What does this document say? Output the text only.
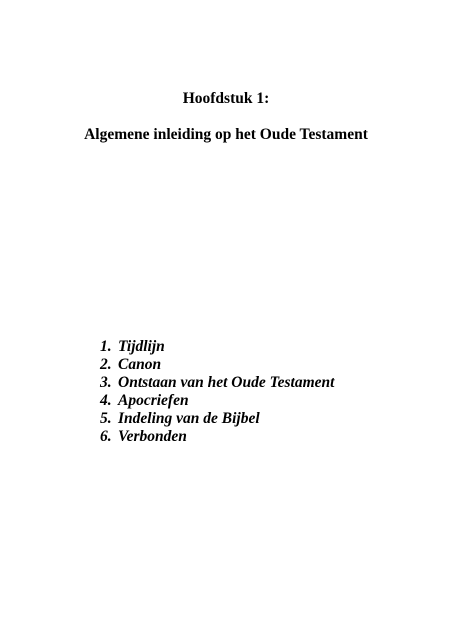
Hoofdstuk 1:
Algemene inleiding op het Oude Testament
1. Tijdlijn
2. Canon
3. Ontstaan van het Oude Testament
4. Apocriefen
5. Indeling van de Bijbel
6. Verbonden
